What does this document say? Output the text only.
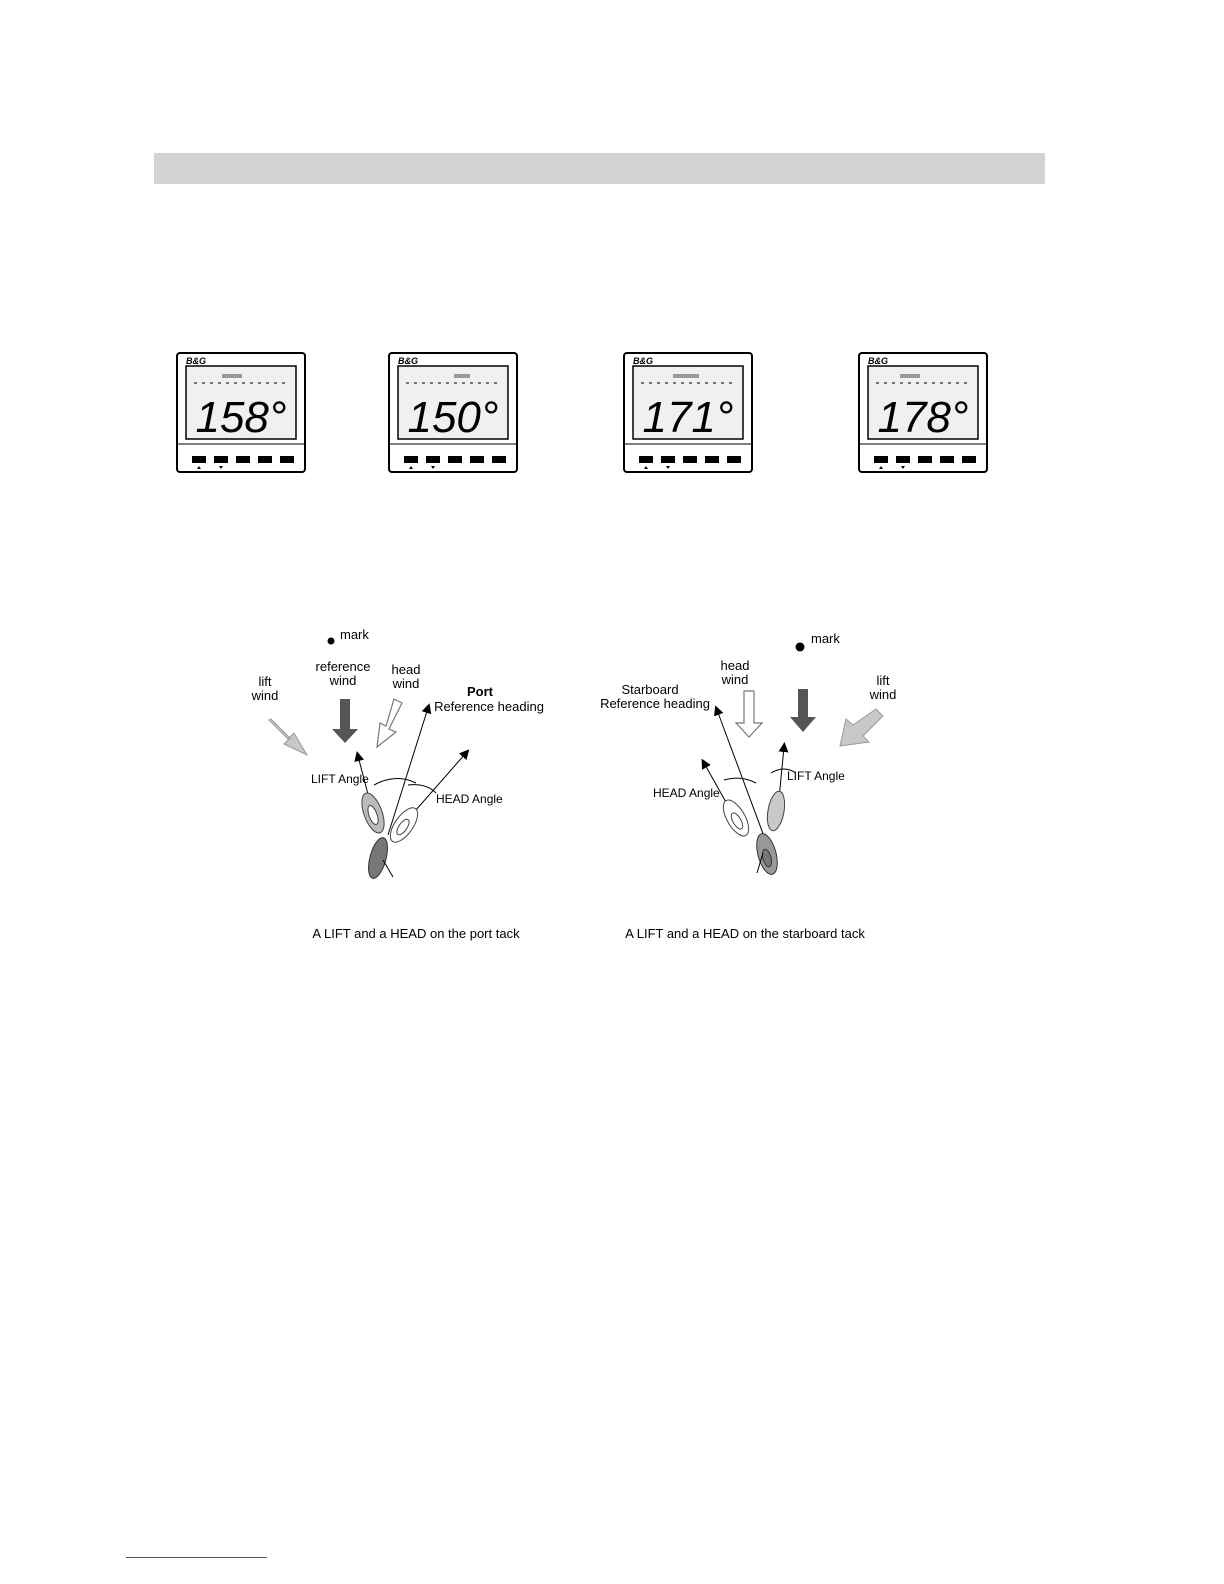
B&G
158°
B&G
150°
B&G
171°
B&G
178°
mark
reference
wind
head
wind
lift
wind	Port
Reference heading
LIFT Angle
HEAD Angle
A LIFT and a HEAD on the port tack
mark
head
wind	lift
wind
Starboard
Reference heading
LIFT Angle
HEAD Angle
A LIFT and a HEAD on the starboard tack
